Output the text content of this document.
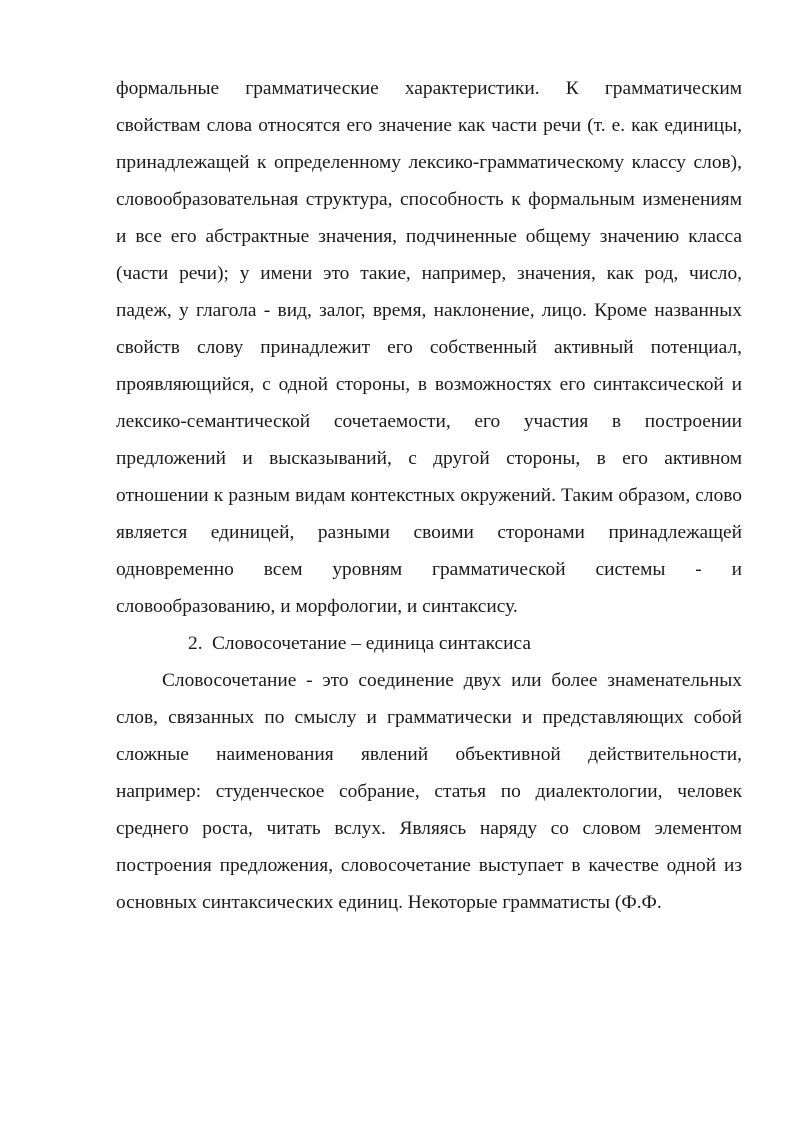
формальные грамматические характеристики. К грамматическим свойствам слова относятся его значение как части речи (т. е. как единицы, принадлежащей к определенному лексико-грамматическому классу слов), словообразовательная структура, способность к формальным изменениям и все его абстрактные значения, подчиненные общему значению класса (части речи); у имени это такие, например, значения, как род, число, падеж, у глагола - вид, залог, время, наклонение, лицо. Кроме названных свойств слову принадлежит его собственный активный потенциал, проявляющийся, с одной стороны, в возможностях его синтаксической и лексико-семантической сочетаемости, его участия в построении предложений и высказываний, с другой стороны, в его активном отношении к разным видам контекстных окружений. Таким образом, слово является единицей, разными своими сторонами принадлежащей одновременно всем уровням грамматической системы - и словообразованию, и морфологии, и синтаксису.

2. Словосочетание – единица синтаксиса

Словосочетание - это соединение двух или более знаменательных слов, связанных по смыслу и грамматически и представляющих собой сложные наименования явлений объективной действительности, например: студенческое собрание, статья по диалектологии, человек среднего роста, читать вслух. Являясь наряду со словом элементом построения предложения, словосочетание выступает в качестве одной из основных синтаксических единиц. Некоторые грамматисты (Ф.Ф.
